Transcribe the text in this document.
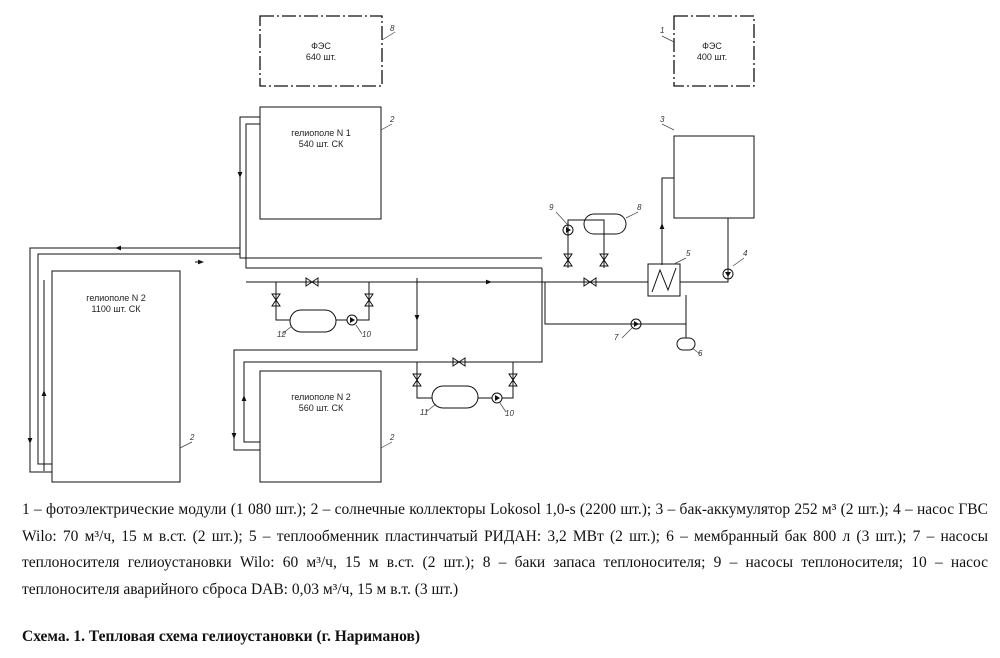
ФЭС
640 шт.
ФЭС
400 шт.
гелиополе N 1
540 шт. СК
гелиополе N 2
1100 шт. СК
гелиополе N 2
560 шт. СК
8	1
2	3
8
9
5	4
7
6
12	10
11	10
2	2
1 – фотоэлектрические модули (1 080 шт.); 2 – солнечные коллекторы Lokosol 1,0-s (2200 шт.); 3 – бак-аккумулятор 252 м³ (2 шт.); 4 – насос ГВС Wilo: 70 м³/ч, 15 м в.ст. (2 шт.); 5 – теплообменник пластинчатый РИДАН: 3,2 МВт (2 шт.); 6 – мембранный бак 800 л (3 шт.); 7 – насосы теплоносителя гелиоустановки Wilo: 60 м³/ч, 15 м в.ст. (2 шт.); 8 – баки запаса теплоносителя; 9 – насосы теплоносителя; 10 – насос теплоносителя аварийного сброса DAB: 0,03 м³/ч, 15 м в.т. (3 шт.)
Схема. 1. Тепловая схема гелиоустановки (г. Нариманов)
